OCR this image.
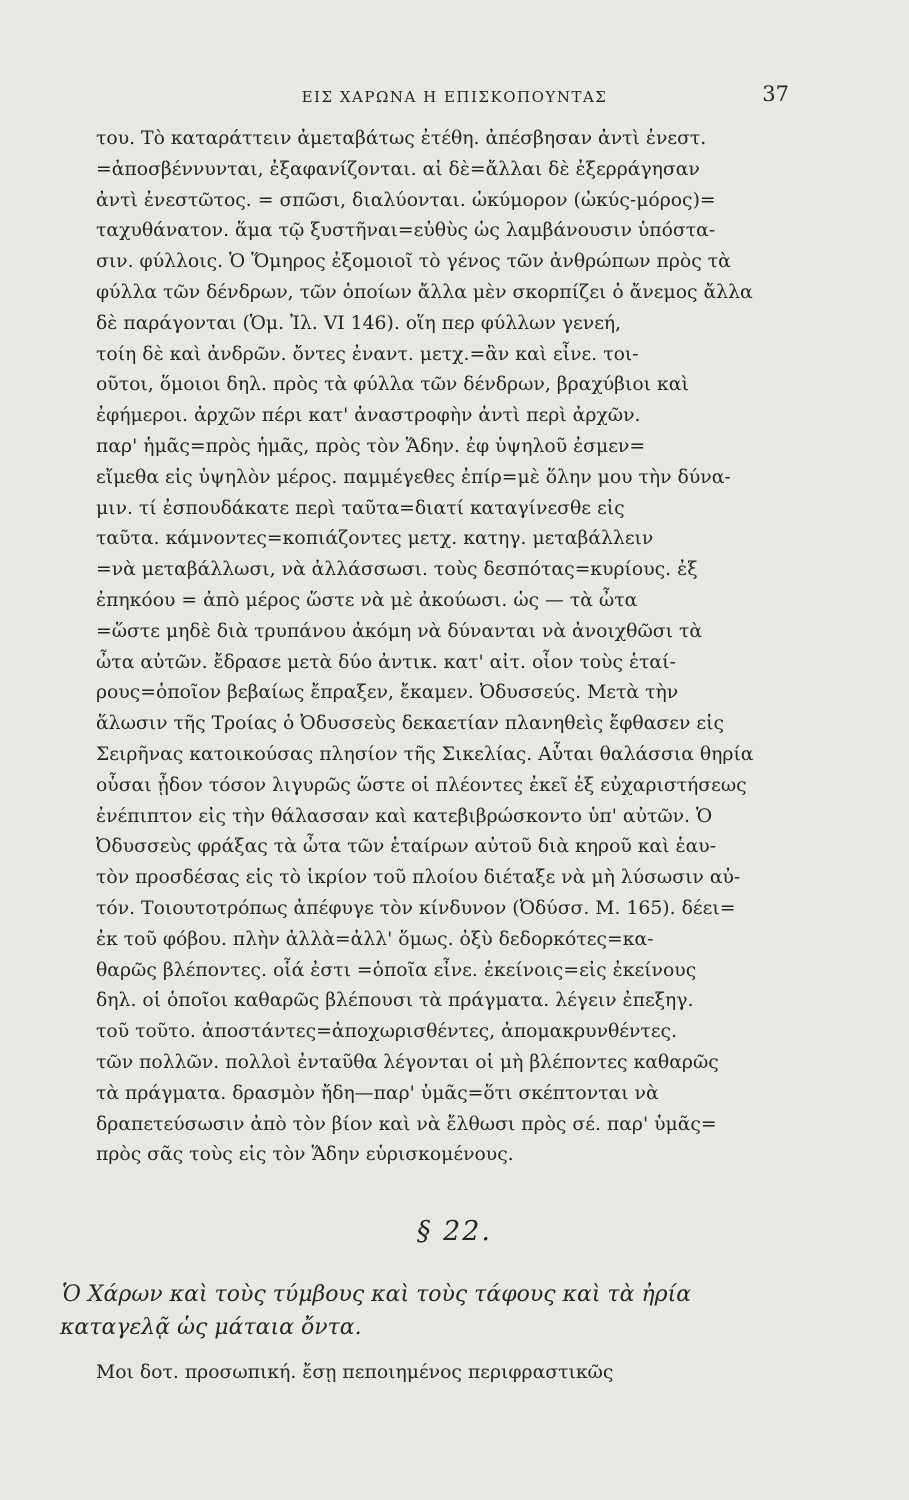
ΕΙΣ ΧΑΡΩΝΑ Η ΕΠΙΣΚΟΠΟΥΝΤΑΣ	37
του. Τὸ καταράττειν ἀμεταβάτως ἐτέθη. ἀπέσβησαν ἀντὶ ἐνεστ.
=ἀποσβέννυνται, ἐξαφανίζονται. αἱ δὲ=ἄλλαι δὲ ἐξερράγησαν
ἀντὶ ἐνεστῶτος. = σπῶσι, διαλύονται. ὠκύμορον (ὠκύς-μόρος)=
ταχυθάνατον. ἅμα τῷ ξυστῆναι=εὐθὺς ὡς λαμβάνουσιν ὑπόστα-
σιν. φύλλοις. Ὁ Ὅμηρος ἐξομοιοῖ τὸ γένος τῶν ἀνθρώπων πρὸς τὰ
φύλλα τῶν δένδρων, τῶν ὁποίων ἄλλα μὲν σκορπίζει ὁ ἄνεμος ἄλλα
δὲ παράγονται (Ὁμ. Ἰλ. VI 146). οἵη περ φύλλων γενεή,
τοίη δὲ καὶ ἀνδρῶν. ὄντες ἐναντ. μετχ.=ἂν καὶ εἶνε. τοι-
οῦτοι, ὅμοιοι δηλ. πρὸς τὰ φύλλα τῶν δένδρων, βραχύβιοι καὶ
ἐφήμεροι. ἀρχῶν πέρι κατ' ἀναστροφὴν ἀντὶ περὶ ἀρχῶν.
παρ' ἡμᾶς=πρὸς ἡμᾶς, πρὸς τὸν Ἅδην. ἐφ ὑψηλοῦ ἐσμεν=
εἴμεθα εἰς ὑψηλὸν μέρος. παμμέγεθες ἐπίρ=μὲ ὅλην μου τὴν δύνα-
μιν. τί ἐσπουδάκατε περὶ ταῦτα=διατί καταγίνεσθε εἰς
ταῦτα. κάμνοντες=κοπιάζοντες μετχ. κατηγ. μεταβάλλειν
=νὰ μεταβάλλωσι, νὰ ἀλλάσσωσι. τοὺς δεσπότας=κυρίους. ἐξ
ἐπηκόου = ἀπὸ μέρος ὥστε νὰ μὲ ἀκούωσι. ὡς — τὰ ὦτα
=ὥστε μηδὲ διὰ τρυπάνου ἀκόμη νὰ δύνανται νὰ ἀνοιχθῶσι τὰ
ὦτα αὐτῶν. ἔδρασε μετὰ δύο ἀντικ. κατ' αἰτ. οἷον τοὺς ἑταί-
ρους=ὁποῖον βεβαίως ἔπραξεν, ἔκαμεν. Ὀδυσσεύς. Μετὰ τὴν
ἅλωσιν τῆς Τροίας ὁ Ὀδυσσεὺς δεκαετίαν πλανηθεὶς ἔφθασεν εἰς
Σειρῆνας κατοικούσας πλησίον τῆς Σικελίας. Αὗται θαλάσσια θηρία
οὖσαι ᾖδον τόσον λιγυρῶς ὥστε οἱ πλέοντες ἐκεῖ ἐξ εὐχαριστήσεως
ἐνέπιπτον εἰς τὴν θάλασσαν καὶ κατεβιβρώσκοντο ὑπ' αὐτῶν. Ὁ
Ὀδυσσεὺς φράξας τὰ ὦτα τῶν ἑταίρων αὐτοῦ διὰ κηροῦ καὶ ἑαυ-
τὸν προσδέσας εἰς τὸ ἱκρίον τοῦ πλοίου διέταξε νὰ μὴ λύσωσιν αὐ-
τόν. Τοιουτοτρόπως ἀπέφυγε τὸν κίνδυνον (Ὀδύσσ. Μ. 165). δέει=
ἐκ τοῦ φόβου. πλὴν ἀλλὰ=ἀλλ' ὅμως. ὀξὺ δεδορκότες=κα-
θαρῶς βλέποντες. οἷά ἐστι =ὁποῖα εἶνε. ἐκείνοις=εἰς ἐκείνους
δηλ. οἱ ὁποῖοι καθαρῶς βλέπουσι τὰ πράγματα. λέγειν ἐπεξηγ.
τοῦ τοῦτο. ἀποστάντες=ἀποχωρισθέντες, ἀπομακρυνθέντες.
τῶν πολλῶν. πολλοὶ ἐνταῦθα λέγονται οἱ μὴ βλέποντες καθαρῶς
τὰ πράγματα. δρασμὸν ἤδη—παρ' ὑμᾶς=ὅτι σκέπτονται νὰ
δραπετεύσωσιν ἀπὸ τὸν βίον καὶ νὰ ἔλθωσι πρὸς σέ. παρ' ὑμᾶς=
πρὸς σᾶς τοὺς εἰς τὸν Ἅδην εὑρισκομένους.
§ 22.
Ὁ Χάρων καὶ τοὺς τύμβους καὶ τοὺς τάφους καὶ τὰ ἠρία
καταγελᾷ ὡς μάταια ὄντα.
Μοι δοτ. προσωπική. ἔσῃ πεποιημένος περιφραστικῶς
